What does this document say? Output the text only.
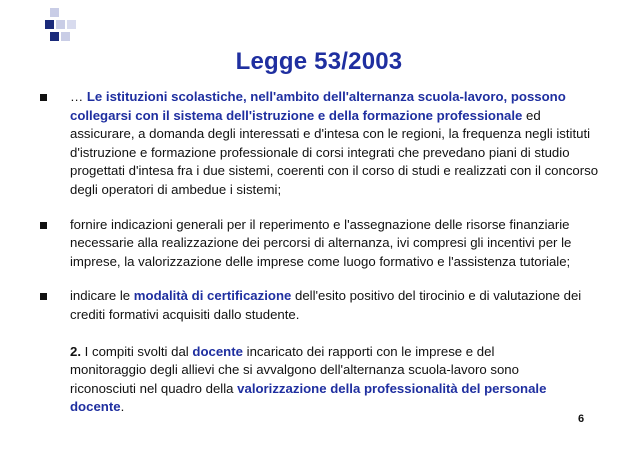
Legge 53/2003
… Le istituzioni scolastiche, nell'ambito dell'alternanza scuola-lavoro, possono collegarsi con il sistema dell'istruzione e della formazione professionale ed assicurare, a domanda degli interessati e d'intesa con le regioni, la frequenza negli istituti d'istruzione e formazione professionale di corsi integrati che prevedano piani di studio progettati d'intesa fra i due sistemi, coerenti con il corso di studi e realizzati con il concorso degli operatori di ambedue i sistemi;
fornire indicazioni generali per il reperimento e l'assegnazione delle risorse finanziarie necessarie alla realizzazione dei percorsi di alternanza, ivi compresi gli incentivi per le imprese, la valorizzazione delle imprese come luogo formativo e l'assistenza tutoriale;
indicare le modalità di certificazione dell'esito positivo del tirocinio e di valutazione dei crediti formativi acquisiti dallo studente.
2. I compiti svolti dal docente incaricato dei rapporti con le imprese e del monitoraggio degli allievi che si avvalgono dell'alternanza scuola-lavoro sono riconosciuti nel quadro della valorizzazione della professionalità del personale docente.
6
